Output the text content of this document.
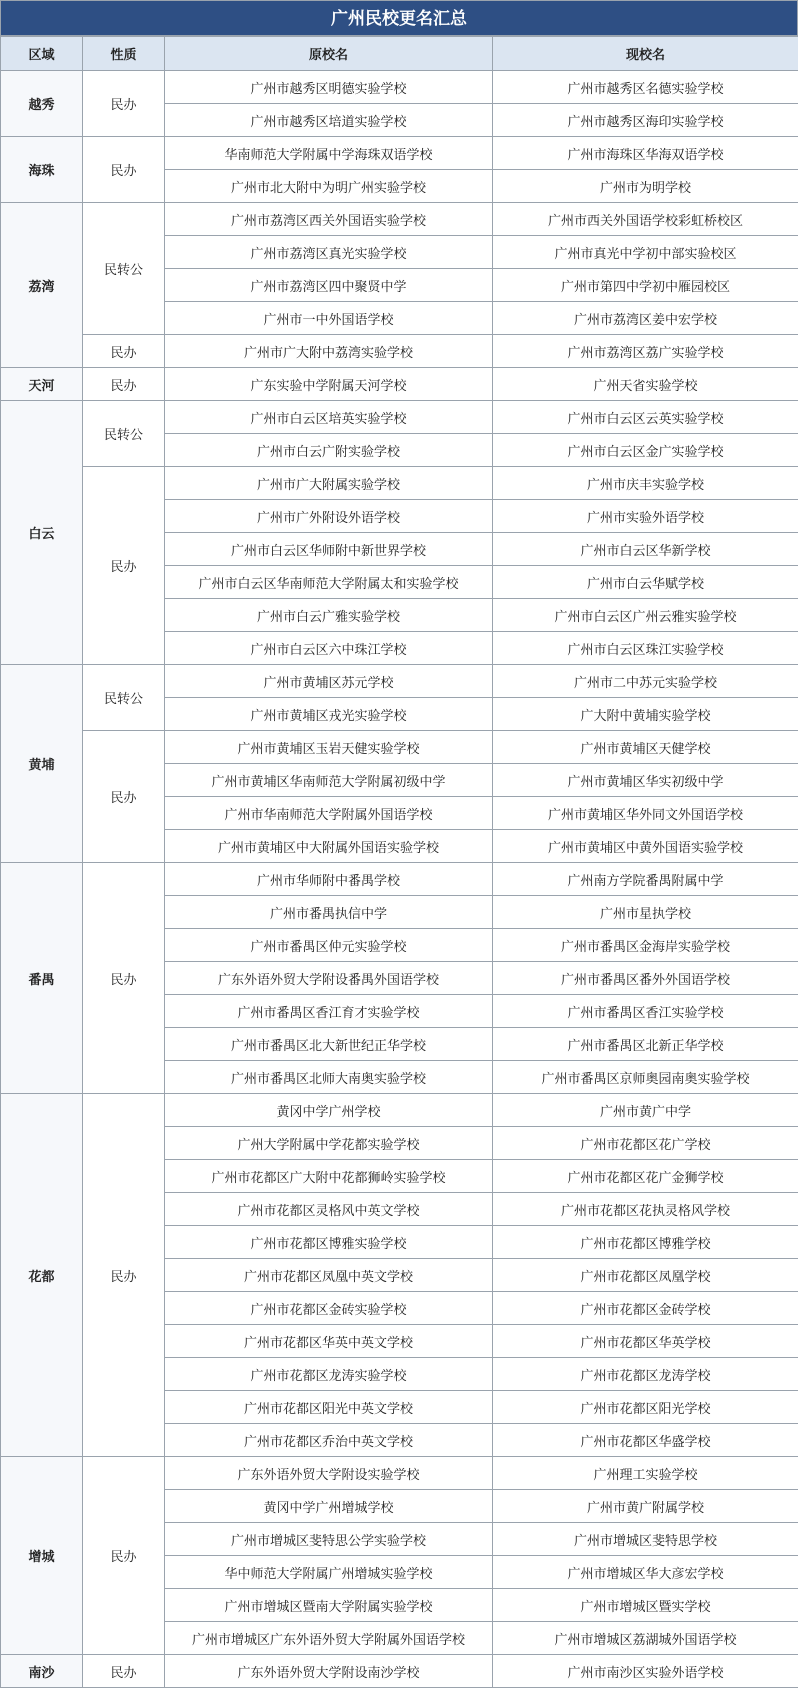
广州民校更名汇总
区域	性质	原校名	现校名
越秀	民办	广州市越秀区明德实验学校	广州市越秀区名德实验学校
		广州市越秀区培道实验学校	广州市越秀区海印实验学校
海珠	民办	华南师范大学附属中学海珠双语学校	广州市海珠区华海双语学校
		广州市北大附中为明广州实验学校	广州市为明学校
荔湾	民转公	广州市荔湾区西关外国语实验学校	广州市西关外国语学校彩虹桥校区
		广州市荔湾区真光实验学校	广州市真光中学初中部实验校区
		广州市荔湾区四中聚贤中学	广州市第四中学初中雁园校区
		广州市一中外国语学校	广州市荔湾区姜中宏学校
	民办	广州市广大附中荔湾实验学校	广州市荔湾区荔广实验学校
天河	民办	广东实验中学附属天河学校	广州天省实验学校
白云	民转公	广州市白云区培英实验学校	广州市白云区云英实验学校
		广州市白云广附实验学校	广州市白云区金广实验学校
	民办	广州市广大附属实验学校	广州市庆丰实验学校
		广州市广外附设外语学校	广州市实验外语学校
		广州市白云区华师附中新世界学校	广州市白云区华新学校
		广州市白云区华南师范大学附属太和实验学校	广州市白云华赋学校
		广州市白云广雅实验学校	广州市白云区广州云雅实验学校
		广州市白云区六中珠江学校	广州市白云区珠江实验学校
黄埔	民转公	广州市黄埔区苏元学校	广州市二中苏元实验学校
		广州市黄埔区戎光实验学校	广大附中黄埔实验学校
	民办	广州市黄埔区玉岩天健实验学校	广州市黄埔区天健学校
		广州市黄埔区华南师范大学附属初级中学	广州市黄埔区华实初级中学
		广州市华南师范大学附属外国语学校	广州市黄埔区华外同文外国语学校
		广州市黄埔区中大附属外国语实验学校	广州市黄埔区中黄外国语实验学校
番禺	民办	广州市华师附中番禺学校	广州南方学院番禺附属中学
		广州市番禺执信中学	广州市星执学校
		广州市番禺区仲元实验学校	广州市番禺区金海岸实验学校
		广东外语外贸大学附设番禺外国语学校	广州市番禺区番外外国语学校
		广州市番禺区香江育才实验学校	广州市番禺区香江实验学校
		广州市番禺区北大新世纪正华学校	广州市番禺区北新正华学校
		广州市番禺区北师大南奥实验学校	广州市番禺区京师奥园南奥实验学校
花都	民办	黄冈中学广州学校	广州市黄广中学
		广州大学附属中学花都实验学校	广州市花都区花广学校
		广州市花都区广大附中花都狮岭实验学校	广州市花都区花广金狮学校
		广州市花都区灵格风中英文学校	广州市花都区花执灵格风学校
		广州市花都区博雅实验学校	广州市花都区博雅学校
		广州市花都区凤凰中英文学校	广州市花都区凤凰学校
		广州市花都区金砖实验学校	广州市花都区金砖学校
		广州市花都区华英中英文学校	广州市花都区华英学校
		广州市花都区龙涛实验学校	广州市花都区龙涛学校
		广州市花都区阳光中英文学校	广州市花都区阳光学校
		广州市花都区乔治中英文学校	广州市花都区华盛学校
增城	民办	广东外语外贸大学附设实验学校	广州理工实验学校
		黄冈中学广州增城学校	广州市黄广附属学校
		广州市增城区斐特思公学实验学校	广州市增城区斐特思学校
		华中师范大学附属广州增城实验学校	广州市增城区华大彦宏学校
		广州市增城区暨南大学附属实验学校	广州市增城区暨实学校
		广州市增城区广东外语外贸大学附属外国语学校	广州市增城区荔湖城外国语学校
南沙	民办	广东外语外贸大学附设南沙学校	广州市南沙区实验外语学校
